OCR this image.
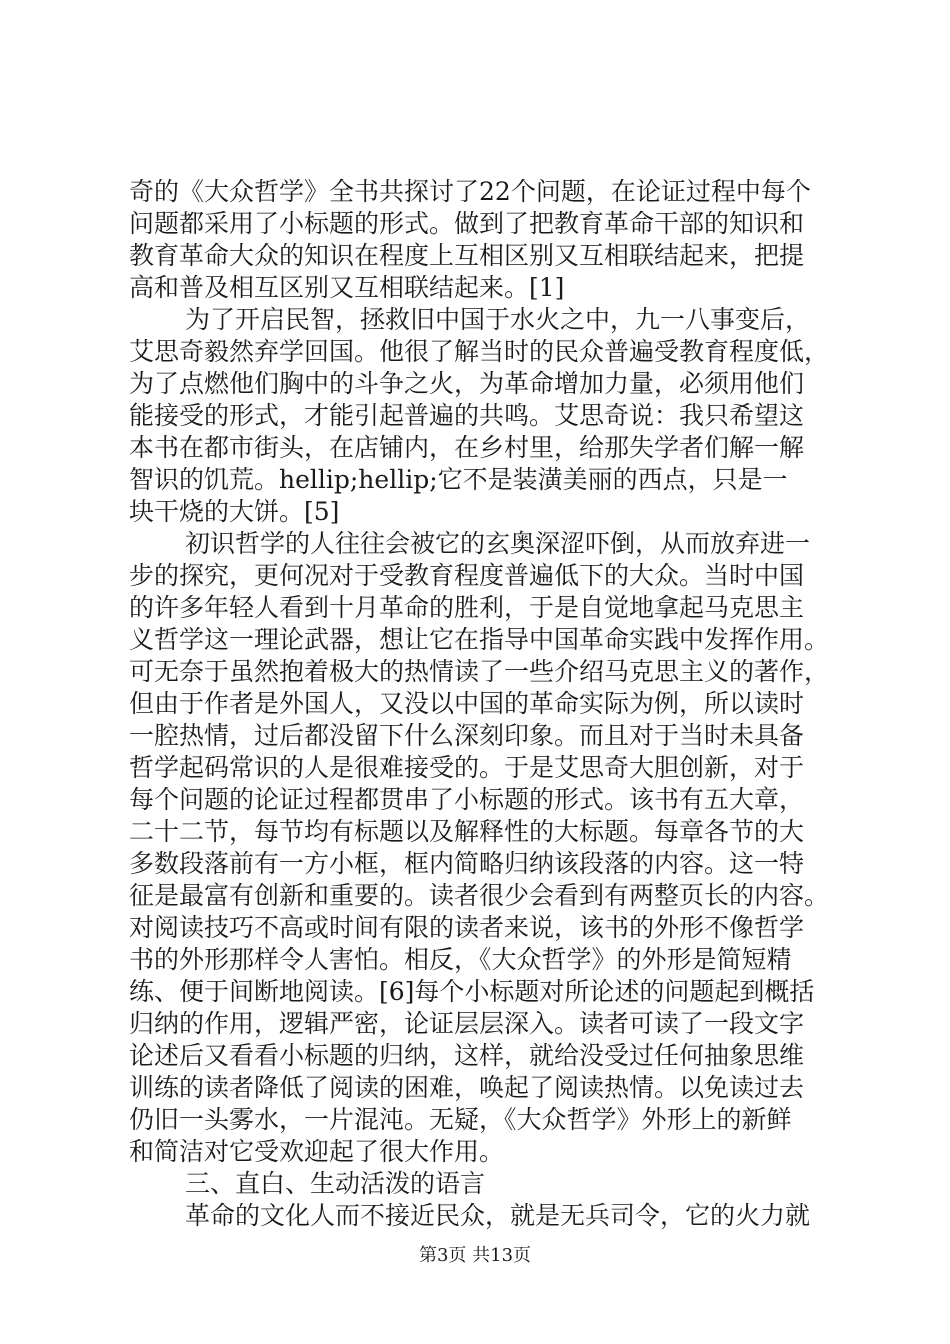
奇的《大众哲学》全书共探讨了22个问题，在论证过程中每个
问题都采用了小标题的形式。做到了把教育革命干部的知识和
教育革命大众的知识在程度上互相区别又互相联结起来，把提
高和普及相互区别又互相联结起来。[1]
为了开启民智，拯救旧中国于水火之中，九一八事变后，
艾思奇毅然弃学回国。他很了解当时的民众普遍受教育程度低，
为了点燃他们胸中的斗争之火，为革命增加力量，必须用他们
能接受的形式，才能引起普遍的共鸣。艾思奇说：我只希望这
本书在都市街头，在店铺内，在乡村里，给那失学者们解一解
智识的饥荒。hellip;hellip;它不是装潢美丽的西点，只是一
块干烧的大饼。[5]
初识哲学的人往往会被它的玄奥深涩吓倒，从而放弃进一
步的探究，更何况对于受教育程度普遍低下的大众。当时中国
的许多年轻人看到十月革命的胜利，于是自觉地拿起马克思主
义哲学这一理论武器，想让它在指导中国革命实践中发挥作用。
可无奈于虽然抱着极大的热情读了一些介绍马克思主义的著作，
但由于作者是外国人，又没以中国的革命实际为例，所以读时
一腔热情，过后都没留下什么深刻印象。而且对于当时未具备
哲学起码常识的人是很难接受的。于是艾思奇大胆创新，对于
每个问题的论证过程都贯串了小标题的形式。该书有五大章，
二十二节，每节均有标题以及解释性的大标题。每章各节的大
多数段落前有一方小框，框内简略归纳该段落的内容。这一特
征是最富有创新和重要的。读者很少会看到有两整页长的内容。
对阅读技巧不高或时间有限的读者来说，该书的外形不像哲学
书的外形那样令人害怕。相反，《大众哲学》的外形是简短精
练、便于间断地阅读。[6]每个小标题对所论述的问题起到概括
归纳的作用，逻辑严密，论证层层深入。读者可读了一段文字
论述后又看看小标题的归纳，这样，就给没受过任何抽象思维
训练的读者降低了阅读的困难，唤起了阅读热情。以免读过去
仍旧一头雾水，一片混沌。无疑，《大众哲学》外形上的新鲜
和简洁对它受欢迎起了很大作用。
三、直白、生动活泼的语言
革命的文化人而不接近民众，就是无兵司令，它的火力就
第3页 共13页
